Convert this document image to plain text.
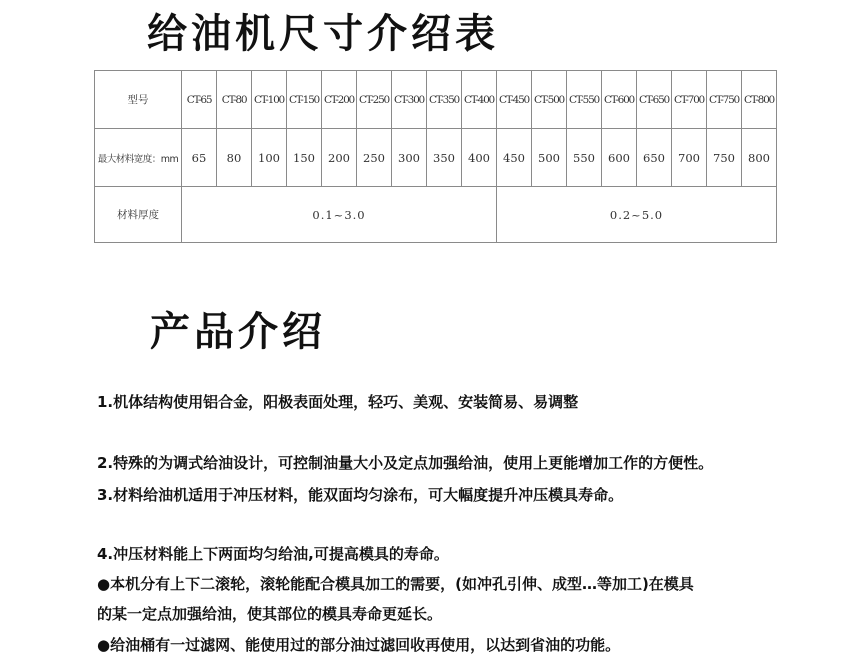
给油机尺寸介绍表
型号	CT-65	CT-80	CT-100	CT-150	CT-200	CT-250	CT-300	CT-350	CT-400	CT-450	CT-500	CT-550	CT-600	CT-650	CT-700	CT-750	CT-800
最大材料宽度：mm	65	80	100	150	200	250	300	350	400	450	500	550	600	650	700	750	800
材料厚度	0.1~3.0									0.2~5.0							
产品介绍

1.机体结构使用铝合金，阳极表面处理，轻巧、美观、安装简易、易调整

2.特殊的为调式给油设计，可控制油量大小及定点加强给油，使用上更能增加工作的方便性。

3.材料给油机适用于冲压材料，能双面均匀涂布，可大幅度提升冲压模具寿命。

4.冲压材料能上下两面均匀给油,可提高模具的寿命。

●本机分有上下二滚轮，滚轮能配合模具加工的需要，(如冲孔引伸、成型…等加工)在模具

的某一定点加强给油，使其部位的模具寿命更延长。

●给油桶有一过滤网、能使用过的部分油过滤回收再使用，以达到省油的功能。
